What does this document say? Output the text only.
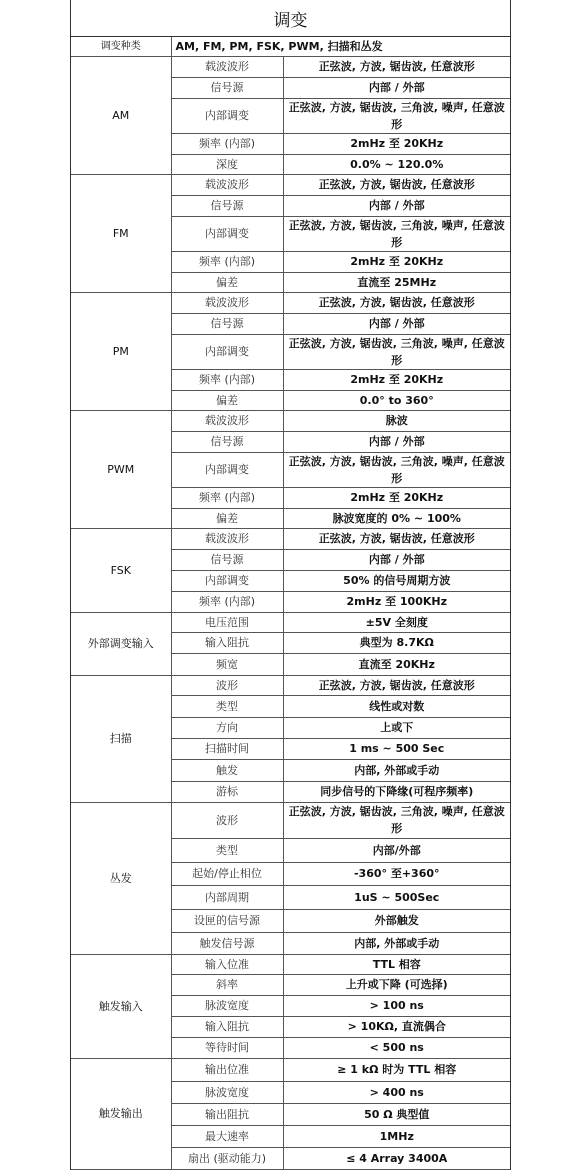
调变
调变种类	AM, FM, PM, FSK, PWM, 扫描和丛发	
AM	载波波形	正弦波, 方波, 锯齿波, 任意波形
	信号源	内部 / 外部
	内部调变	正弦波, 方波, 锯齿波, 三角波, 噪声, 任意波形
	频率 (内部)	2mHz 至 20KHz
	深度	0.0% ~ 120.0%
FM	载波波形	正弦波, 方波, 锯齿波, 任意波形
	信号源	内部 / 外部
	内部调变	正弦波, 方波, 锯齿波, 三角波, 噪声, 任意波形
	频率 (内部)	2mHz 至 20KHz
	偏差	直流至 25MHz
PM	载波波形	正弦波, 方波, 锯齿波, 任意波形
	信号源	内部 / 外部
	内部调变	正弦波, 方波, 锯齿波, 三角波, 噪声, 任意波形
	频率 (内部)	2mHz 至 20KHz
	偏差	0.0° to 360°
PWM	载波波形	脉波
	信号源	内部 / 外部
	内部调变	正弦波, 方波, 锯齿波, 三角波, 噪声, 任意波形
	频率 (内部)	2mHz 至 20KHz
	偏差	脉波宽度的 0% ~ 100%
FSK	载波波形	正弦波, 方波, 锯齿波, 任意波形
	信号源	内部 / 外部
	内部调变	50% 的信号周期方波
	频率 (内部)	2mHz 至 100KHz
外部调变输入	电压范围	±5V 全刻度
	输入阻抗	典型为 8.7KΩ
	频宽	直流至 20KHz
扫描	波形	正弦波, 方波, 锯齿波, 任意波形
	类型	线性或对数
	方向	上或下
	扫描时间	1 ms ~ 500 Sec
	触发	内部, 外部或手动
	游标	同步信号的下降缘(可程序频率)
丛发	波形	正弦波, 方波, 锯齿波, 三角波, 噪声, 任意波形
	类型	内部/外部
	起始/停止相位	-360° 至+360°
	内部周期	1uS ~ 500Sec
	设匣的信号源	外部触发
	触发信号源	内部, 外部或手动
触发输入	输入位准	TTL 相容
	斜率	上升或下降 (可选择)
	脉波宽度	> 100 ns
	输入阻抗	> 10KΩ, 直流偶合
	等待时间	< 500 ns
触发输出	输出位准	≥ 1 kΩ 时为 TTL 相容
	脉波宽度	> 400 ns
	输出阻抗	50 Ω 典型值
	最大速率	1MHz
	扇出 (驱动能力)	≤ 4 Array 3400A
